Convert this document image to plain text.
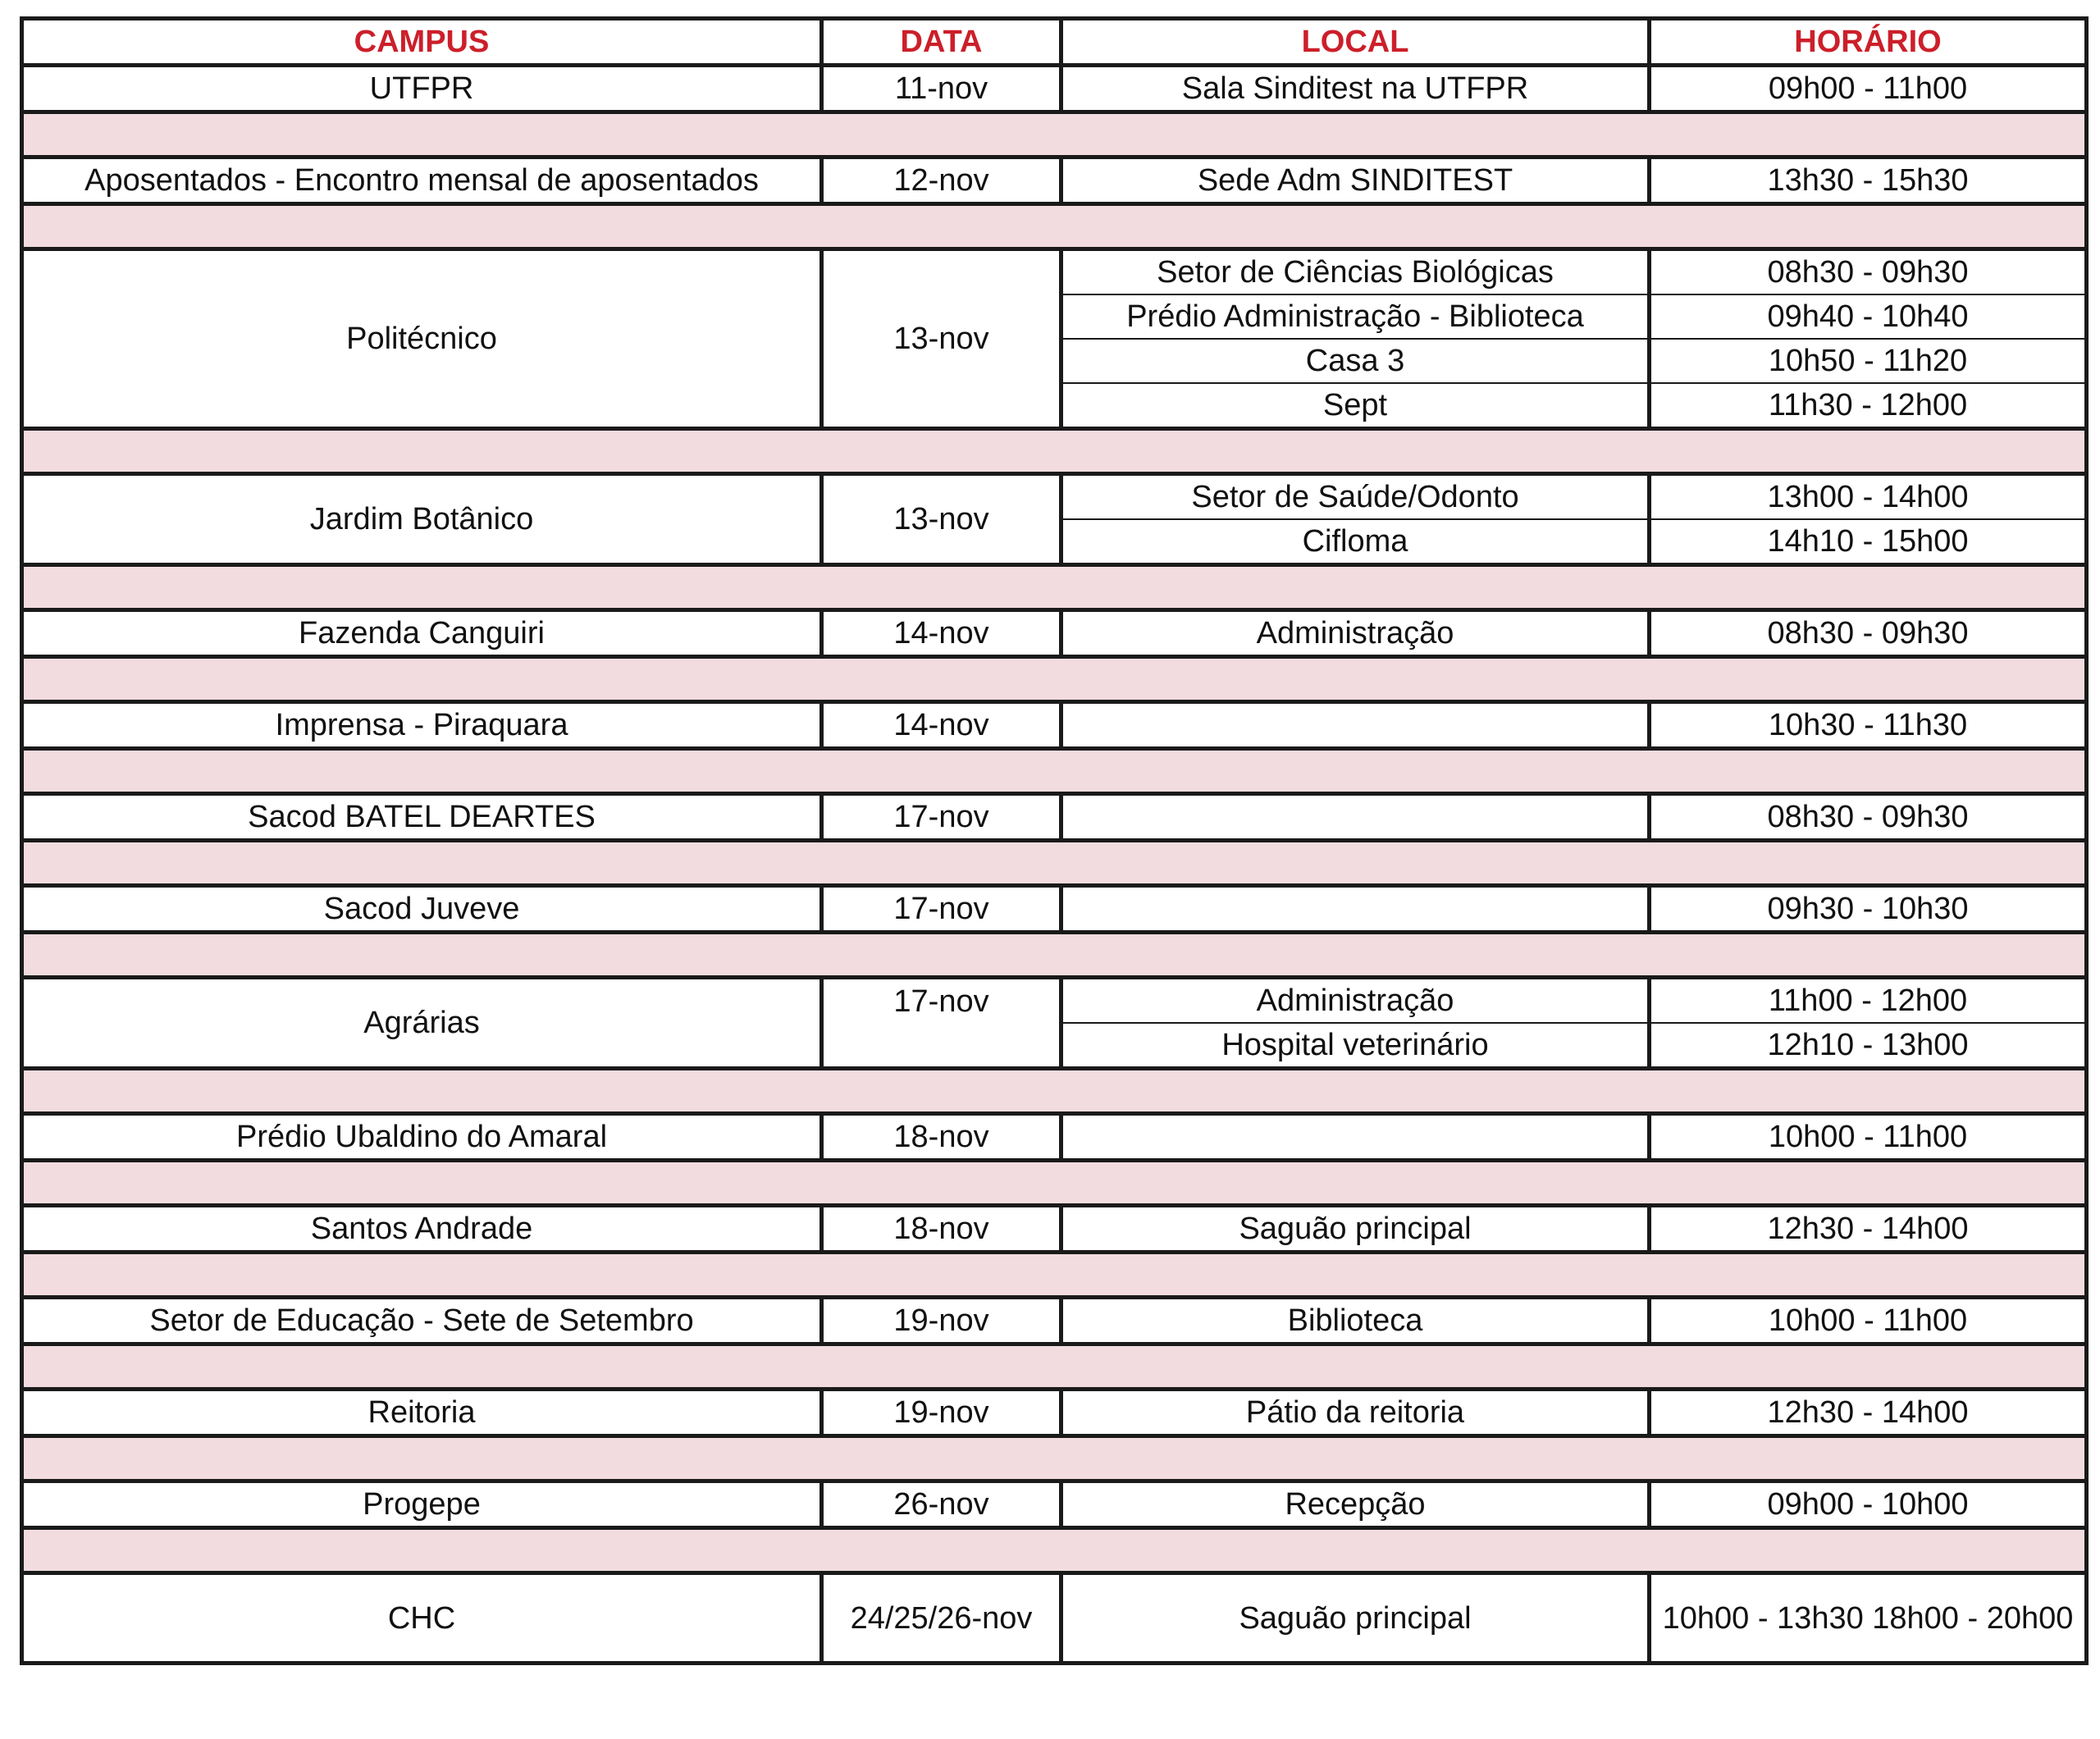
CAMPUS	DATA	LOCAL	HORÁRIO
UTFPR	11-nov	Sala Sinditest na UTFPR	09h00 - 11h00

Aposentados - Encontro mensal de aposentados	12-nov	Sede Adm SINDITEST	13h30 - 15h30

Politécnico	13-nov	Setor de Ciências Biológicas	08h30 - 09h30
		Prédio Administração - Biblioteca	09h40 - 10h40
		Casa 3	10h50 - 11h20
		Sept	11h30 - 12h00

Jardim Botânico	13-nov	Setor de Saúde/Odonto	13h00 - 14h00
		Cifloma	14h10 - 15h00

Fazenda Canguiri	14-nov	Administração	08h30 - 09h30

Imprensa - Piraquara	14-nov		10h30 - 11h30

Sacod BATEL DEARTES	17-nov		08h30 - 09h30

Sacod Juveve	17-nov		09h30 - 10h30

Agrárias	17-nov	Administração	11h00 - 12h00
		Hospital veterinário	12h10 - 13h00

Prédio Ubaldino do Amaral	18-nov		10h00 - 11h00

Santos Andrade	18-nov	Saguão principal	12h30 - 14h00

Setor de Educação - Sete de Setembro	19-nov	Biblioteca	10h00 - 11h00

Reitoria	19-nov	Pátio da reitoria	12h30 - 14h00

Progepe	26-nov	Recepção	09h00 - 10h00

CHC	24/25/26-nov	Saguão principal	10h00 - 13h30 18h00 - 20h00
